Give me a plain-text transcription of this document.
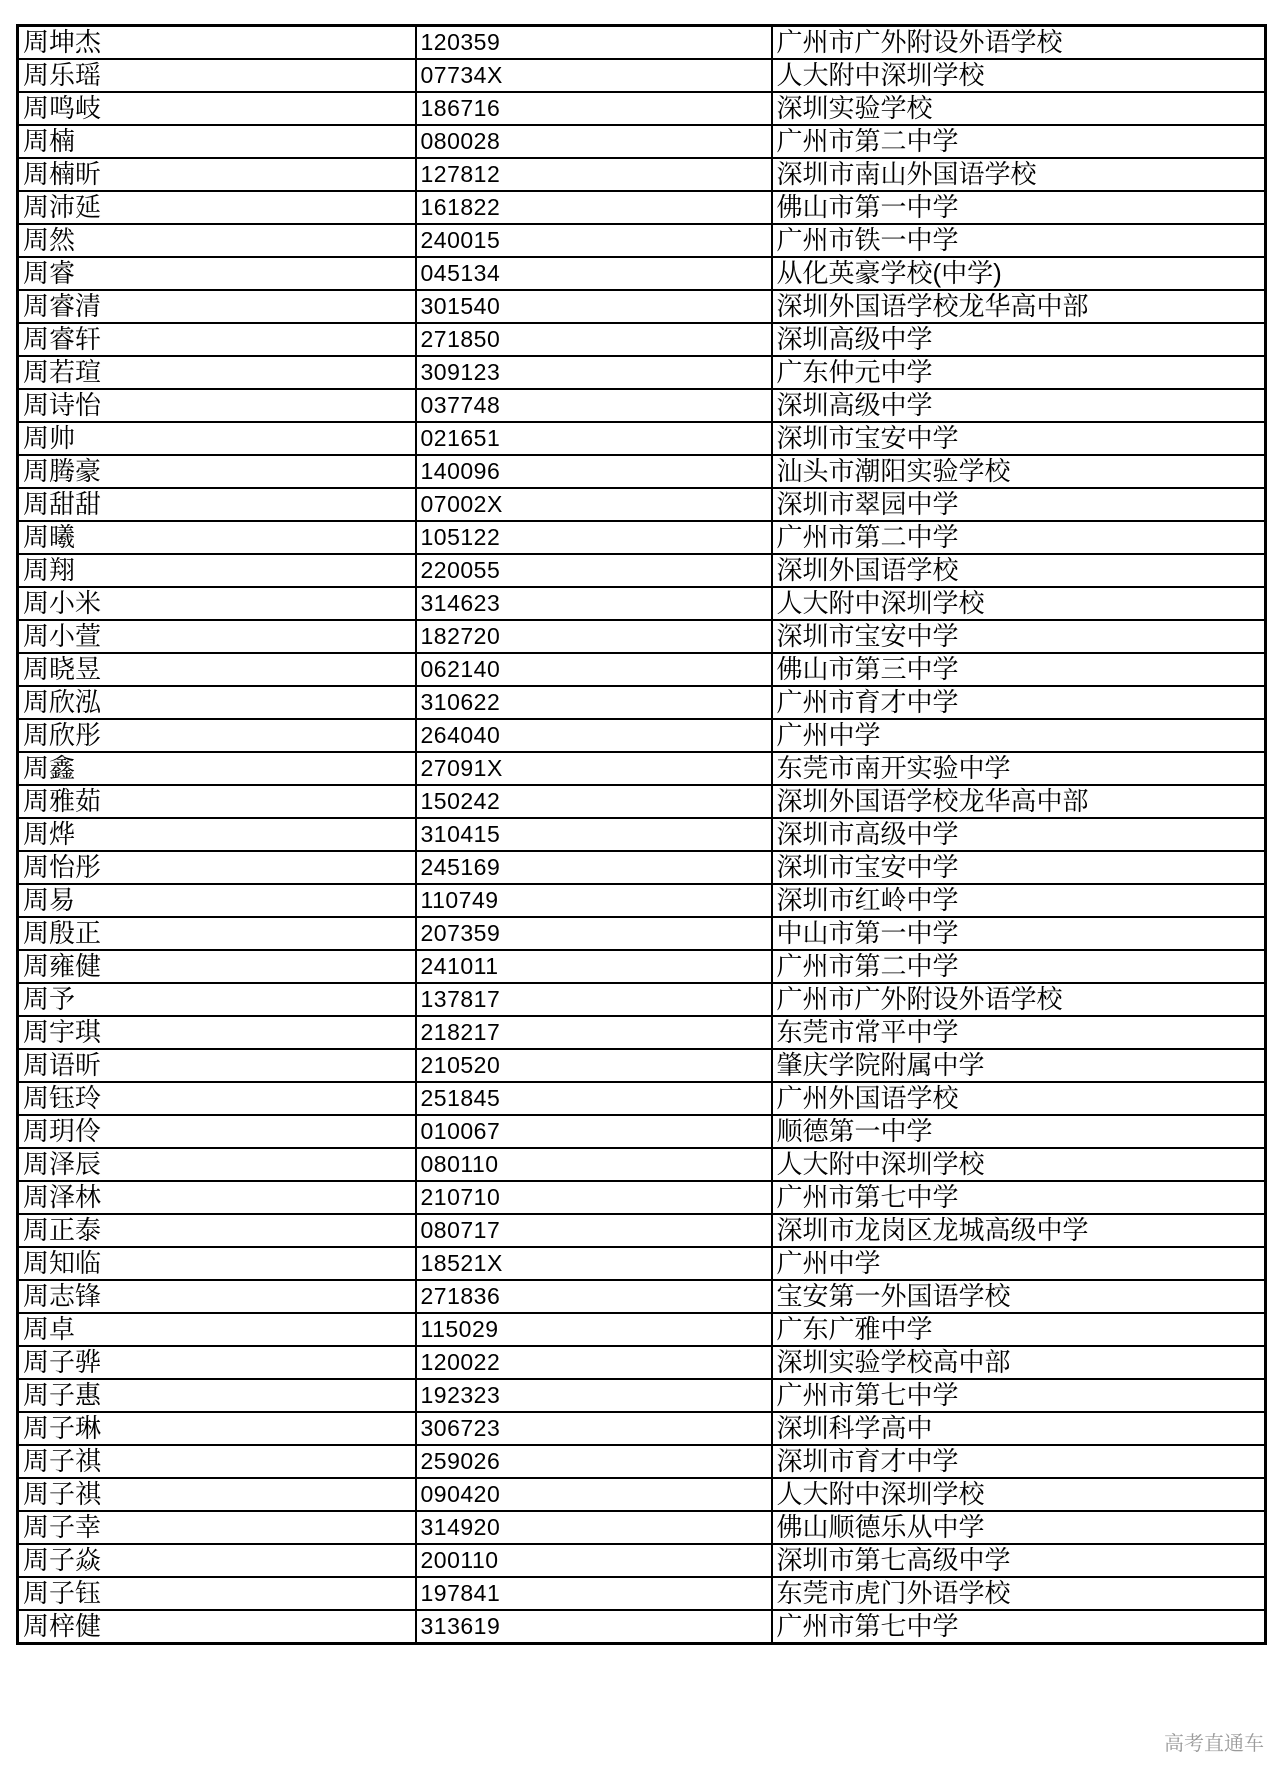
周坤杰	120359	广州市广外附设外语学校
周乐瑶	07734X	人大附中深圳学校
周鸣岐	186716	深圳实验学校
周楠	080028	广州市第二中学
周楠昕	127812	深圳市南山外国语学校
周沛延	161822	佛山市第一中学
周然	240015	广州市铁一中学
周睿	045134	从化英豪学校(中学)
周睿清	301540	深圳外国语学校龙华高中部
周睿轩	271850	深圳高级中学
周若瑄	309123	广东仲元中学
周诗怡	037748	深圳高级中学
周帅	021651	深圳市宝安中学
周腾豪	140096	汕头市潮阳实验学校
周甜甜	07002X	深圳市翠园中学
周曦	105122	广州市第二中学
周翔	220055	深圳外国语学校
周小米	314623	人大附中深圳学校
周小萱	182720	深圳市宝安中学
周晓昱	062140	佛山市第三中学
周欣泓	310622	广州市育才中学
周欣彤	264040	广州中学
周鑫	27091X	东莞市南开实验中学
周雅茹	150242	深圳外国语学校龙华高中部
周烨	310415	深圳市高级中学
周怡彤	245169	深圳市宝安中学
周易	110749	深圳市红岭中学
周殷正	207359	中山市第一中学
周雍健	241011	广州市第二中学
周予	137817	广州市广外附设外语学校
周宇琪	218217	东莞市常平中学
周语昕	210520	肇庆学院附属中学
周钰玲	251845	广州外国语学校
周玥伶	010067	顺德第一中学
周泽辰	080110	人大附中深圳学校
周泽林	210710	广州市第七中学
周正泰	080717	深圳市龙岗区龙城高级中学
周知临	18521X	广州中学
周志锋	271836	宝安第一外国语学校
周卓	115029	广东广雅中学
周子骅	120022	深圳实验学校高中部
周子惠	192323	广州市第七中学
周子琳	306723	深圳科学高中
周子祺	259026	深圳市育才中学
周子祺	090420	人大附中深圳学校
周子幸	314920	佛山顺德乐从中学
周子焱	200110	深圳市第七高级中学
周子钰	197841	东莞市虎门外语学校
周梓健	313619	广州市第七中学
高考直通车
